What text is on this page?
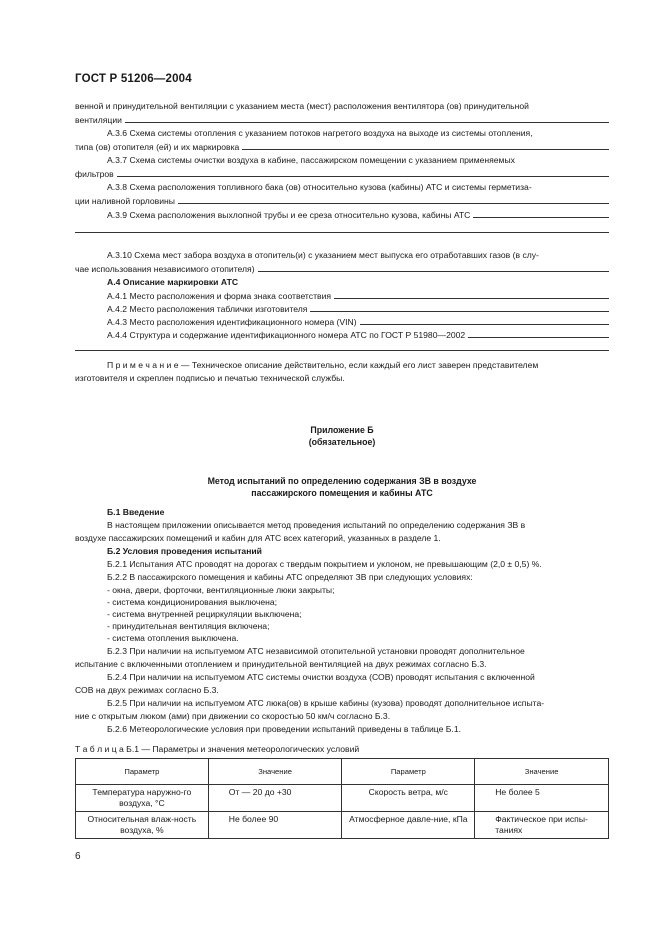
ГОСТ Р 51206—2004
венной и принудительной вентиляции с указанием места (мест) расположения вентилятора (ов) принудительной
вентиляции
А.3.6 Схема системы отопления с указанием потоков нагретого воздуха на выходе из системы отопления,
типа (ов) отопителя (ей) и их маркировка
А.3.7 Схема системы очистки воздуха в кабине, пассажирском помещении с указанием применяемых
фильтров
А.3.8 Схема расположения топливного бака (ов) относительно кузова (кабины) АТС и системы герметиза-
ции наливной горловины
А.3.9 Схема расположения выхлопной трубы и ее среза относительно кузова, кабины АТС
А.3.10 Схема мест забора воздуха в отопитель(и) с указанием мест выпуска его отработавших газов (в слу-
чае использования независимого отопителя)
А.4 Описание маркировки АТС
А.4.1 Место расположения и форма знака соответствия
А.4.2 Место расположения таблички изготовителя
А.4.3 Место расположения идентификационного номера (VIN)
А.4.4 Структура и содержание идентификационного номера АТС по ГОСТ Р 51980—2002
П р и м е ч а н и е — Техническое описание действительно, если каждый его лист заверен представителем
изготовителя и скреплен подписью и печатью технической службы.
Приложение Б
(обязательное)
Метод испытаний по определению содержания ЗВ в воздухе
пассажирского помещения и кабины АТС
Б.1 Введение
В настоящем приложении описывается метод проведения испытаний по определению содержания ЗВ в
воздухе пассажирских помещений и кабин для АТС всех категорий, указанных в разделе 1.
Б.2 Условия проведения испытаний
Б.2.1 Испытания АТС проводят на дорогах с твердым покрытием и уклоном, не превышающим (2,0 ± 0,5) %.
Б.2.2 В пассажирского помещения и кабины АТС определяют ЗВ при следующих условиях:
- окна, двери, форточки, вентиляционные люки закрыты;
- система кондиционирования выключена;
- система внутренней рециркуляции выключена;
- принудительная вентиляция включена;
- система отопления выключена.
Б.2.3 При наличии на испытуемом АТС независимой отопительной установки проводят дополнительное
испытание с включенными отоплением и принудительной вентиляцией на двух режимах согласно Б.3.
Б.2.4 При наличии на испытуемом АТС системы очистки воздуха (СОВ) проводят испытания с включенной
СОВ на двух режимах согласно Б.3.
Б.2.5 При наличии на испытуемом АТС люка(ов) в крыше кабины (кузова) проводят дополнительное испыта-
ние с открытым люком (ами) при движении со скоростью 50 км/ч согласно Б.3.
Б.2.6 Метеорологические условия при проведении испытаний приведены в таблице Б.1.
Т а б л и ц а Б.1 — Параметры и значения метеорологических условий
Параметр	Значение	Параметр	Значение
Температура наружно-го воздуха, °С	От — 20 до +30	Скорость ветра, м/с	Не более 5
Относительная влаж-ность воздуха, %	Не более 90	Атмосферное давле-ние, кПа	Фактическое при испы-таниях
6
